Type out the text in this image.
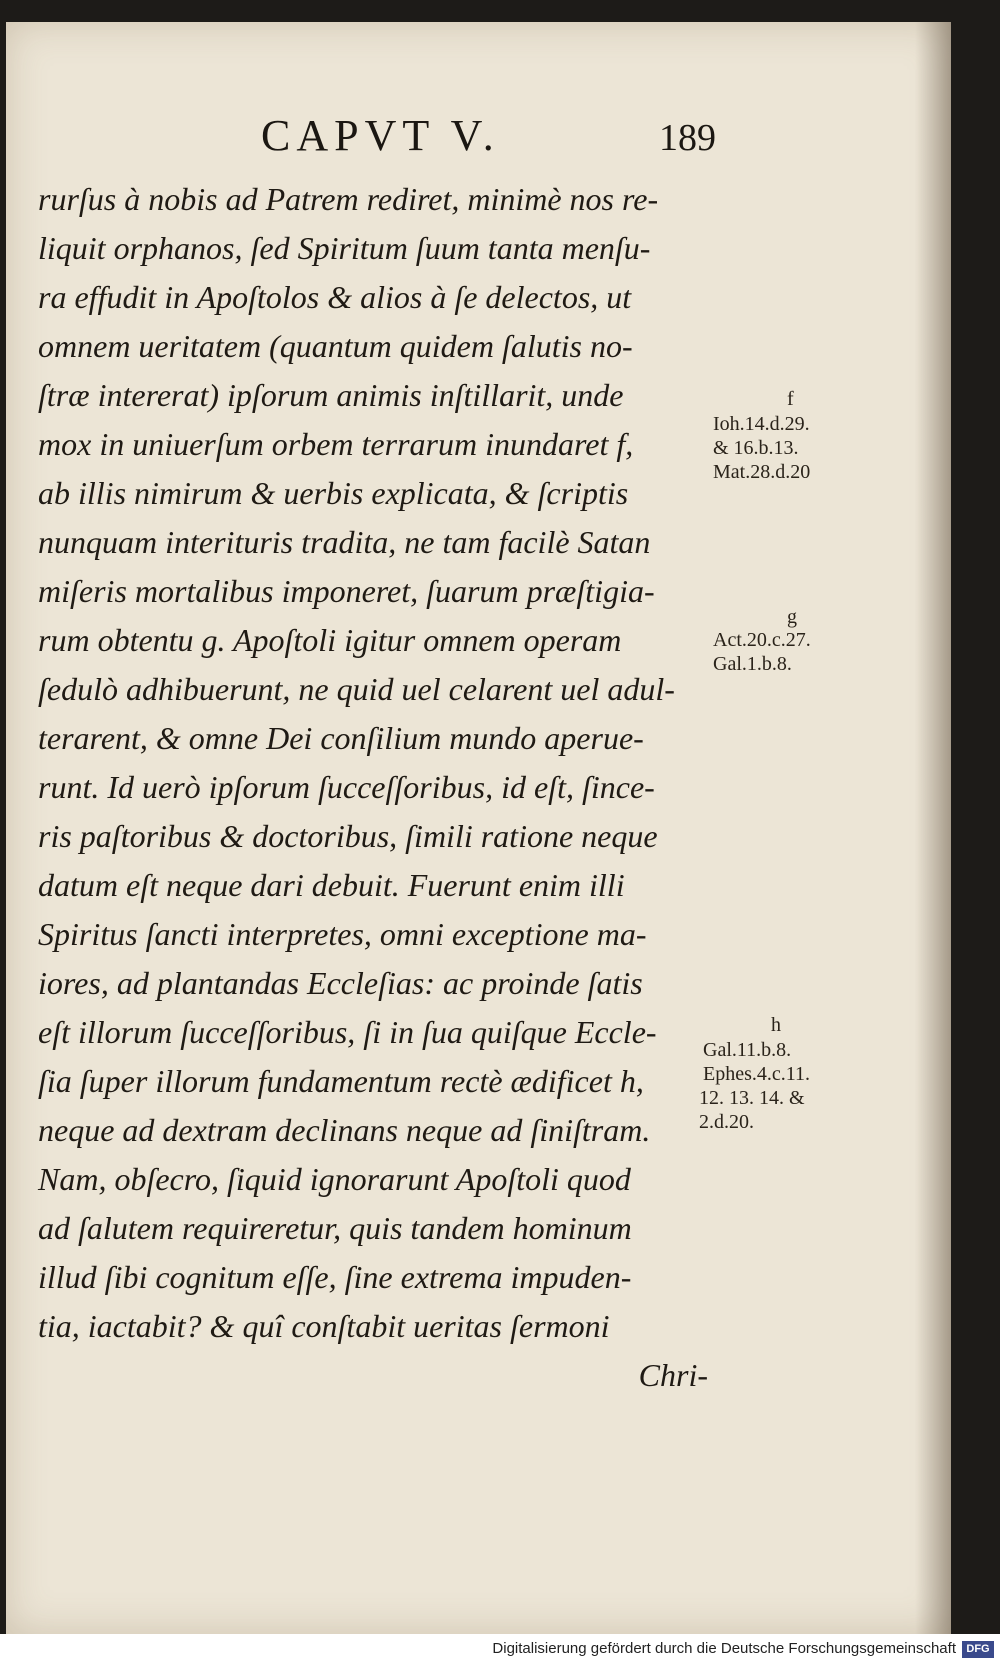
CAPVT V.	189
rurſus à nobis ad Patrem rediret, minimè nos re-
liquit orphanos, ſed Spiritum ſuum tanta menſu-
ra effudit in Apoſtolos & alios à ſe delectos, ut
omnem ueritatem (quantum quidem ſalutis no-
ſtræ intererat) ipſorum animis inſtillarit, unde
mox in uniuerſum orbem terrarum inundaret f,
ab illis nimirum & uerbis explicata, & ſcriptis
nunquam interituris tradita, ne tam facilè Satan
miſeris mortalibus imponeret, ſuarum præſtigia-
rum obtentu g. Apoſtoli igitur omnem operam
ſedulò adhibuerunt, ne quid uel celarent uel adul-
terarent, & omne Dei conſilium mundo aperue-
runt. Id uerò ipſorum ſucceſſoribus, id eſt, ſince-
ris paſtoribus & doctoribus, ſimili ratione neque
datum eſt neque dari debuit. Fuerunt enim illi
Spiritus ſancti interpretes, omni exceptione ma-
iores, ad plantandas Eccleſias: ac proinde ſatis
eſt illorum ſucceſſoribus, ſi in ſua quiſque Eccle-
ſia ſuper illorum fundamentum rectè ædificet h,
neque ad dextram declinans neque ad ſiniſtram.
Nam, obſecro, ſiquid ignorarunt Apoſtoli quod
ad ſalutem requireretur, quis tandem hominum
illud ſibi cognitum eſſe, ſine extrema impuden-
tia, iactabit? & quî conſtabit ueritas ſermoni
Chri-
f
Ioh.14.d.29.
& 16.b.13.
Mat.28.d.20
g
Act.20.c.27.
Gal.1.b.8.
h
Gal.11.b.8.
Ephes.4.c.11.
12. 13. 14. &
2.d.20.
Digitalisierung gefördert durch die Deutsche Forschungsgemeinschaft DFG
